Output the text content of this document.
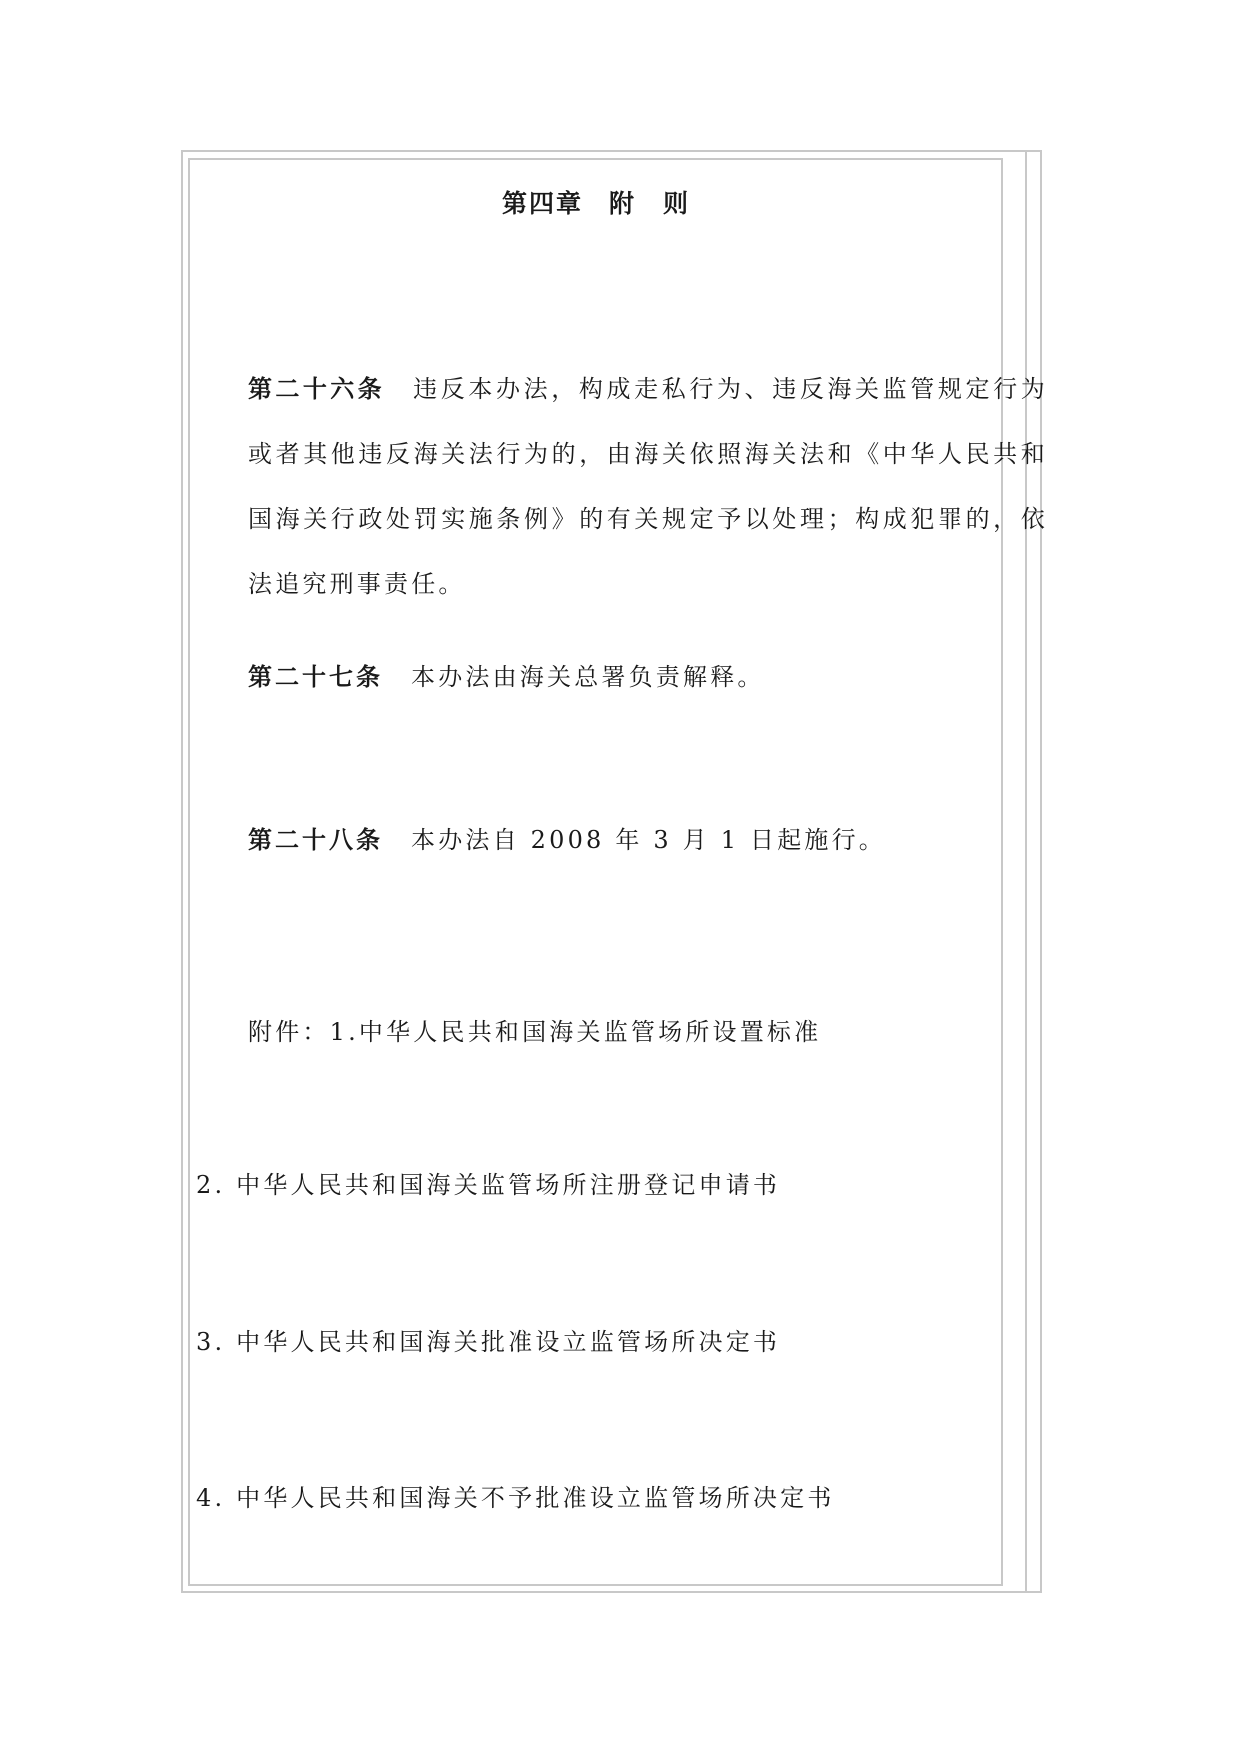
第四章 附　则
第二十六条 违反本办法，构成走私行为、违反海关监管规定行为或者其他违反海关法行为的，由海关依照海关法和《中华人民共和国海关行政处罚实施条例》的有关规定予以处理；构成犯罪的，依法追究刑事责任。
第二十七条 本办法由海关总署负责解释。
第二十八条 本办法自 2008 年 3 月 1 日起施行。
附件：1.中华人民共和国海关监管场所设置标准
2. 中华人民共和国海关监管场所注册登记申请书
3. 中华人民共和国海关批准设立监管场所决定书
4. 中华人民共和国海关不予批准设立监管场所决定书
